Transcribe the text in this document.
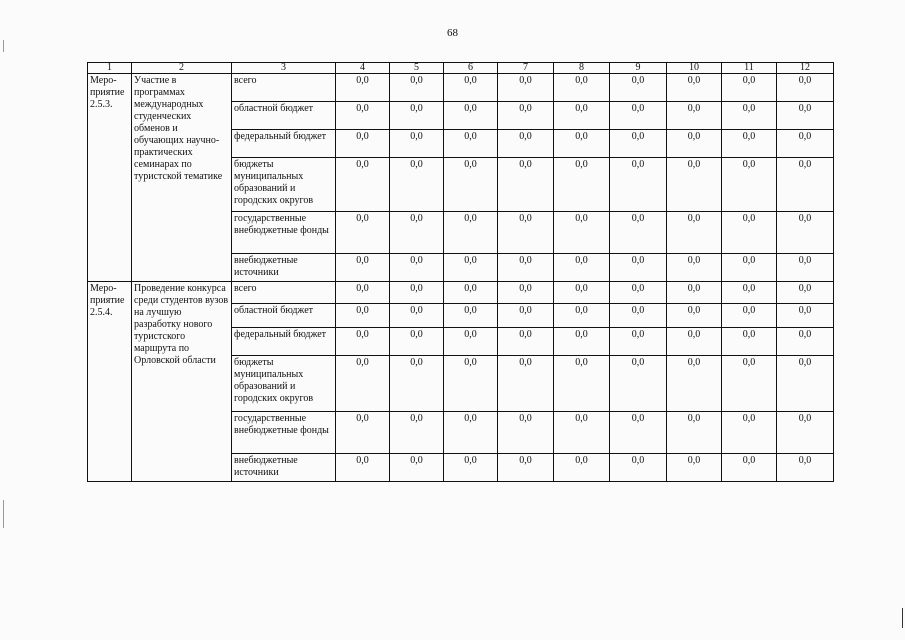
68
1	2	3	4	5	6	7	8	9	10	11	12

Меро-
приятие
2.5.3.	Участие в программах международных студенческих обменов и обучающих научно-практических семинарах по туристской тематике	всего	0,0	0,0	0,0	0,0	0,0	0,0	0,0	0,0	0,0
		областной бюджет	0,0	0,0	0,0	0,0	0,0	0,0	0,0	0,0	0,0
		федеральный бюджет	0,0	0,0	0,0	0,0	0,0	0,0	0,0	0,0	0,0
		бюджеты муниципальных образований и городских округов	0,0	0,0	0,0	0,0	0,0	0,0	0,0	0,0	0,0
		государственные внебюджетные фонды	0,0	0,0	0,0	0,0	0,0	0,0	0,0	0,0	0,0
		внебюджетные источники	0,0	0,0	0,0	0,0	0,0	0,0	0,0	0,0	0,0

Меро-
приятие
2.5.4.	Проведение конкурса среди студентов вузов на лучшую разработку нового туристского маршрута по Орловской области	всего	0,0	0,0	0,0	0,0	0,0	0,0	0,0	0,0	0,0
		областной бюджет	0,0	0,0	0,0	0,0	0,0	0,0	0,0	0,0	0,0
		федеральный бюджет	0,0	0,0	0,0	0,0	0,0	0,0	0,0	0,0	0,0
		бюджеты муниципальных образований и городских округов	0,0	0,0	0,0	0,0	0,0	0,0	0,0	0,0	0,0
		государственные внебюджетные фонды	0,0	0,0	0,0	0,0	0,0	0,0	0,0	0,0	0,0
		внебюджетные источники	0,0	0,0	0,0	0,0	0,0	0,0	0,0	0,0	0,0
